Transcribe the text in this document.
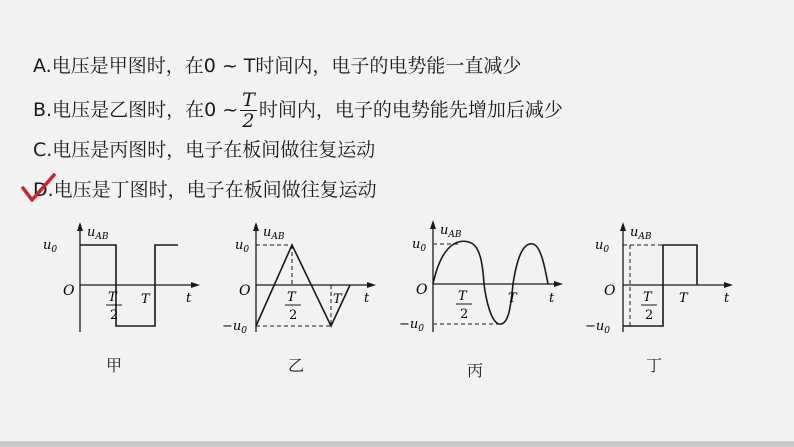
A.电压是甲图时，在0 ~ T时间内，电子的电势能一直减少
B.电压是乙图时，在0 ~ $\frac{T}{2}$ 时间内，电子的电势能先增加后减少
C.电压是丙图时，电子在板间做往复运动
D.电压是丁图时，电子在板间做往复运动
$u_{AB}$
$u_0$
O	T
2
T	t
$u_{AB}$
$u_0$
$-u_0$
O	T
2
T t
$u_{AB}$
$u_0$
$-u_0$
O T
2
T t
$u_{AB}$
$u_0$
$-u_0$
O T
2
T	t
甲	乙	丙	丁
